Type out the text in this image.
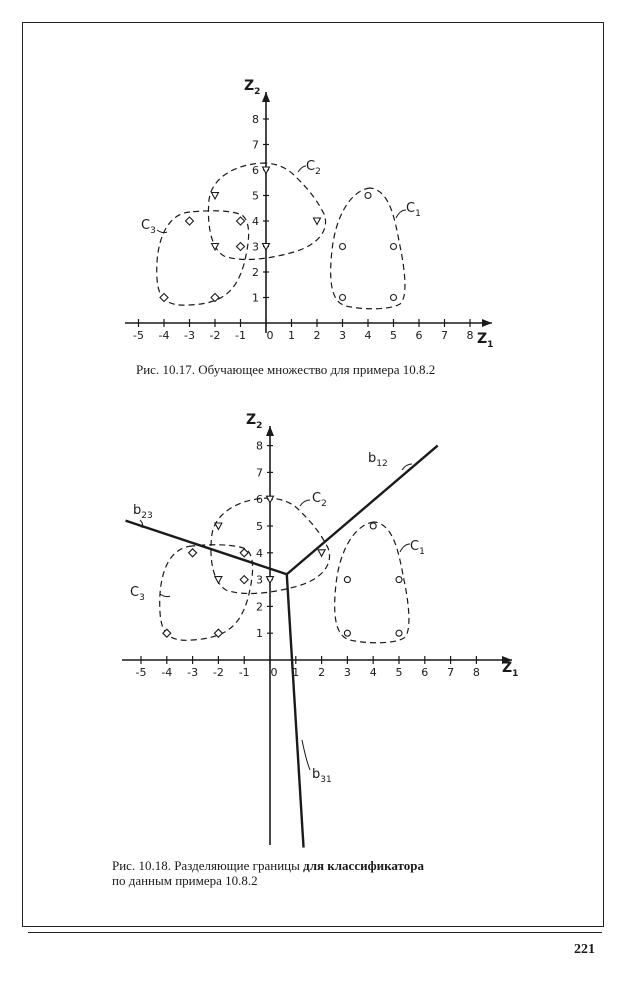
-5 -4 -3 -2 -1 0 1 2 3 4 5 6 7 8
1
2
3
4
5
6
7
8
$Z_2$
$Z_1$
$C_2$
$C_3$
$C_1$
Рис. 10.17. Обучающее множество для примера 10.8.2
-5 -4 -3 -2 -1 0 1 2 3 4 5 6 7 8
1
2
3
4
5
6
7
8
$Z_2$
$Z_1$
$C_2$
$C_3$
$C_1$
$b_{12}$
$b_{23}$
$b_{31}$
Рис. 10.18. Разделяющие границы для классификатора
по данным примера 10.8.2
221
